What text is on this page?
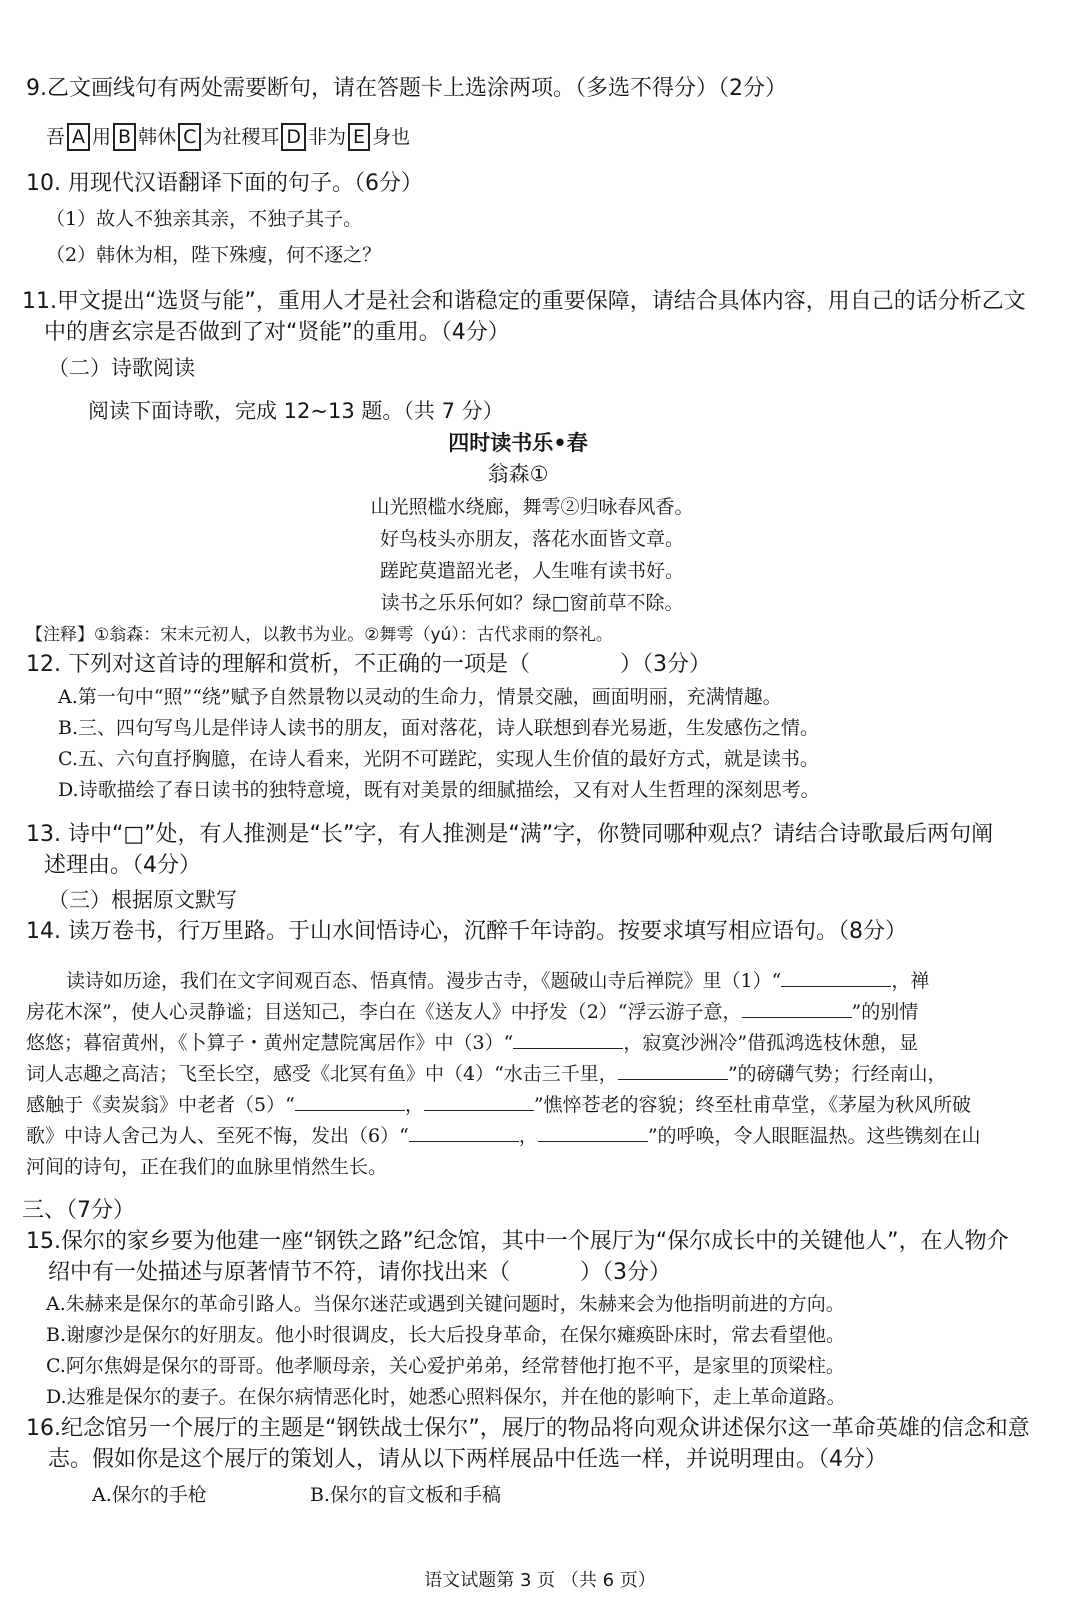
9.乙文画线句有两处需要断句，请在答题卡上选涂两项。（多选不得分）（2分）
吾 A 用 B 韩休 C 为社稷耳 D 非为 E 身也
10. 用现代汉语翻译下面的句子。（6分）
（1）故人不独亲其亲，不独子其子。
（2）韩休为相，陛下殊瘦，何不逐之？
11.甲文提出“选贤与能”，重用人才是社会和谐稳定的重要保障，请结合具体内容，用自己的话分析乙文
中的唐玄宗是否做到了对“贤能”的重用。（4分）
（二）诗歌阅读
阅读下面诗歌，完成 12~13 题。（共 7 分）
四时读书乐•春
翁森①
山光照槛水绕廊，舞雩②归咏春风香。
好鸟枝头亦朋友，落花水面皆文章。
蹉跎莫遣韶光老，人生唯有读书好。
读书之乐乐何如？绿□窗前草不除。
【注释】①翁森：宋末元初人，以教书为业。②舞雩（yú）：古代求雨的祭礼。
12. 下列对这首诗的理解和赏析，不正确的一项是（	）（3分）
A.第一句中“照”“绕”赋予自然景物以灵动的生命力，情景交融，画面明丽，充满情趣。
B.三、四句写鸟儿是伴诗人读书的朋友，面对落花，诗人联想到春光易逝，生发感伤之情。
C.五、六句直抒胸臆，在诗人看来，光阴不可蹉跎，实现人生价值的最好方式，就是读书。
D.诗歌描绘了春日读书的独特意境，既有对美景的细腻描绘，又有对人生哲理的深刻思考。
13. 诗中“□”处，有人推测是“长”字，有人推测是“满”字，你赞同哪种观点？请结合诗歌最后两句阐
述理由。（4分）
（三）根据原文默写
14. 读万卷书，行万里路。于山水间悟诗心，沉醉千年诗韵。按要求填写相应语句。（8分）
读诗如历途，我们在文字间观百态、悟真情。漫步古寺，《题破山寺后禅院》里（1）“	，禅
房花木深”，使人心灵静谧；目送知己，李白在《送友人》中抒发（2）“浮云游子意，	”的别情
悠悠；暮宿黄州，《卜算子・黄州定慧院寓居作》中（3）“	，寂寞沙洲冷”借孤鸿选枝休憩，显
词人志趣之高洁；飞至长空，感受《北冥有鱼》中（4）“水击三千里，	”的磅礴气势；行经南山，
感触于《卖炭翁》中老者（5）“	，	”憔悴苍老的容貌；终至杜甫草堂，《茅屋为秋风所破
歌》中诗人舍己为人、至死不悔，发出（6）“	，	”的呼唤，令人眼眶温热。这些镌刻在山
河间的诗句，正在我们的血脉里悄然生长。
三、（7分）
15.保尔的家乡要为他建一座“钢铁之路”纪念馆，其中一个展厅为“保尔成长中的关键他人”，在人物介
绍中有一处描述与原著情节不符，请你找出来（	）（3分）
A.朱赫来是保尔的革命引路人。当保尔迷茫或遇到关键问题时，朱赫来会为他指明前进的方向。
B.谢廖沙是保尔的好朋友。他小时很调皮，长大后投身革命，在保尔瘫痪卧床时，常去看望他。
C.阿尔焦姆是保尔的哥哥。他孝顺母亲，关心爱护弟弟，经常替他打抱不平，是家里的顶梁柱。
D.达雅是保尔的妻子。在保尔病情恶化时，她悉心照料保尔，并在他的影响下，走上革命道路。
16.纪念馆另一个展厅的主题是“钢铁战士保尔”，展厅的物品将向观众讲述保尔这一革命英雄的信念和意
志。假如你是这个展厅的策划人，请从以下两样展品中任选一样，并说明理由。（4分）
A.保尔的手枪	B.保尔的盲文板和手稿
语文试题第 3 页 （共 6 页）
